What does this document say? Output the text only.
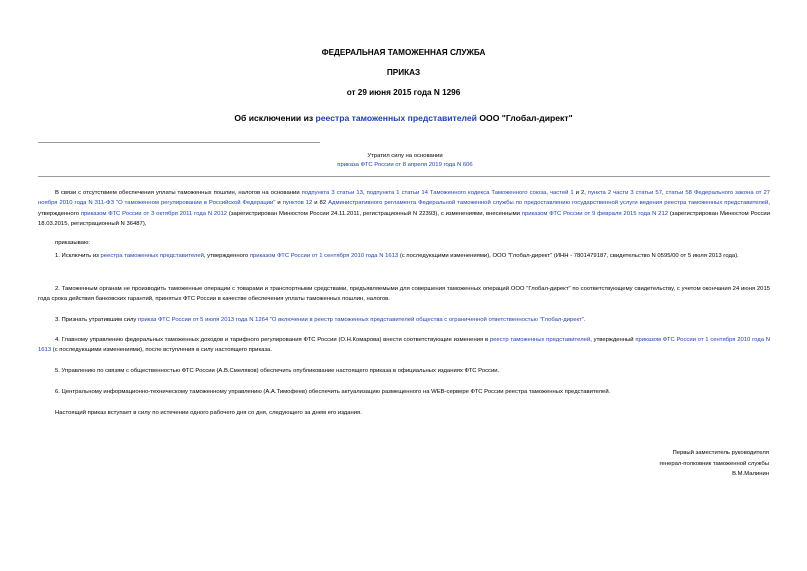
ФЕДЕРАЛЬНАЯ ТАМОЖЕННАЯ СЛУЖБА
ПРИКАЗ
от 29 июня 2015 года N 1296
Об исключении из реестра таможенных представителей ООО "Глобал-директ"
Утратил силу на основании
приказа ФТС России от 8 апреля 2019 года N 606
В связи с отсутствием обеспечения уплаты таможенных пошлин, налогов на основании подпункта 3 статьи 13, подпункта 1 статьи 14 Таможенного кодекса Таможенного союза, частей 1 и 2, пункта 2 части 3 статьи 57, статьи 58 Федерального закона от 27 ноября 2010 года N 311-ФЗ "О таможенном регулировании в Российской Федерации" и пунктов 12 и 82 Административного регламента Федеральной таможенной службы по предоставлению государственной услуги ведения реестра таможенных представителей, утвержденного приказом ФТС России от 3 октября 2011 года N 2012 (зарегистрирован Минюстом России 24.11.2011, регистрационный N 22393), с изменениями, внесенными приказом ФТС России от 9 февраля 2015 года N 212 (зарегистрирован Минюстом России 18.03.2015, регистрационный N 36487),
приказываю:
1. Исключить из реестра таможенных представителей, утвержденного приказом ФТС России от 1 сентября 2010 года N 1613 (с последующими изменениями), ООО "Глобал-директ" (ИНН - 7801479187, свидетельство N 0595/00 от 5 июля 2013 года).
2. Таможенным органам не производить таможенные операции с товарами и транспортными средствами, предъявляемыми для совершения таможенных операций ООО "Глобал-директ" по соответствующему свидетельству, с учетом окончания 24 июня 2015 года срока действия банковских гарантий, принятых ФТС России в качестве обеспечения уплаты таможенных пошлин, налогов.
3. Признать утратившим силу приказ ФТС России от 5 июля 2013 года N 1264 "О включении в реестр таможенных представителей общества с ограниченной ответственностью "Глобал-директ".
4. Главному управлению федеральных таможенных доходов и тарифного регулирования ФТС России (О.Н.Комарова) внести соответствующие изменения в реестр таможенных представителей, утвержденный приказом ФТС России от 1 сентября 2010 года N 1613 (с последующими изменениями), после вступления в силу настоящего приказа.
5. Управлению по связям с общественностью ФТС России (А.В.Смеляков) обеспечить опубликование настоящего приказа в официальных изданиях ФТС России.
6. Центральному информационно-техническому таможенному управлению (А.А.Тимофеев) обеспечить актуализацию размещенного на WEB-сервере ФТС России реестра таможенных представителей.
Настоящий приказ вступает в силу по истечении одного рабочего дня со дня, следующего за днем его издания.
Первый заместитель руководителя
генерал-полковник таможенной службы
В.М.Малинин
